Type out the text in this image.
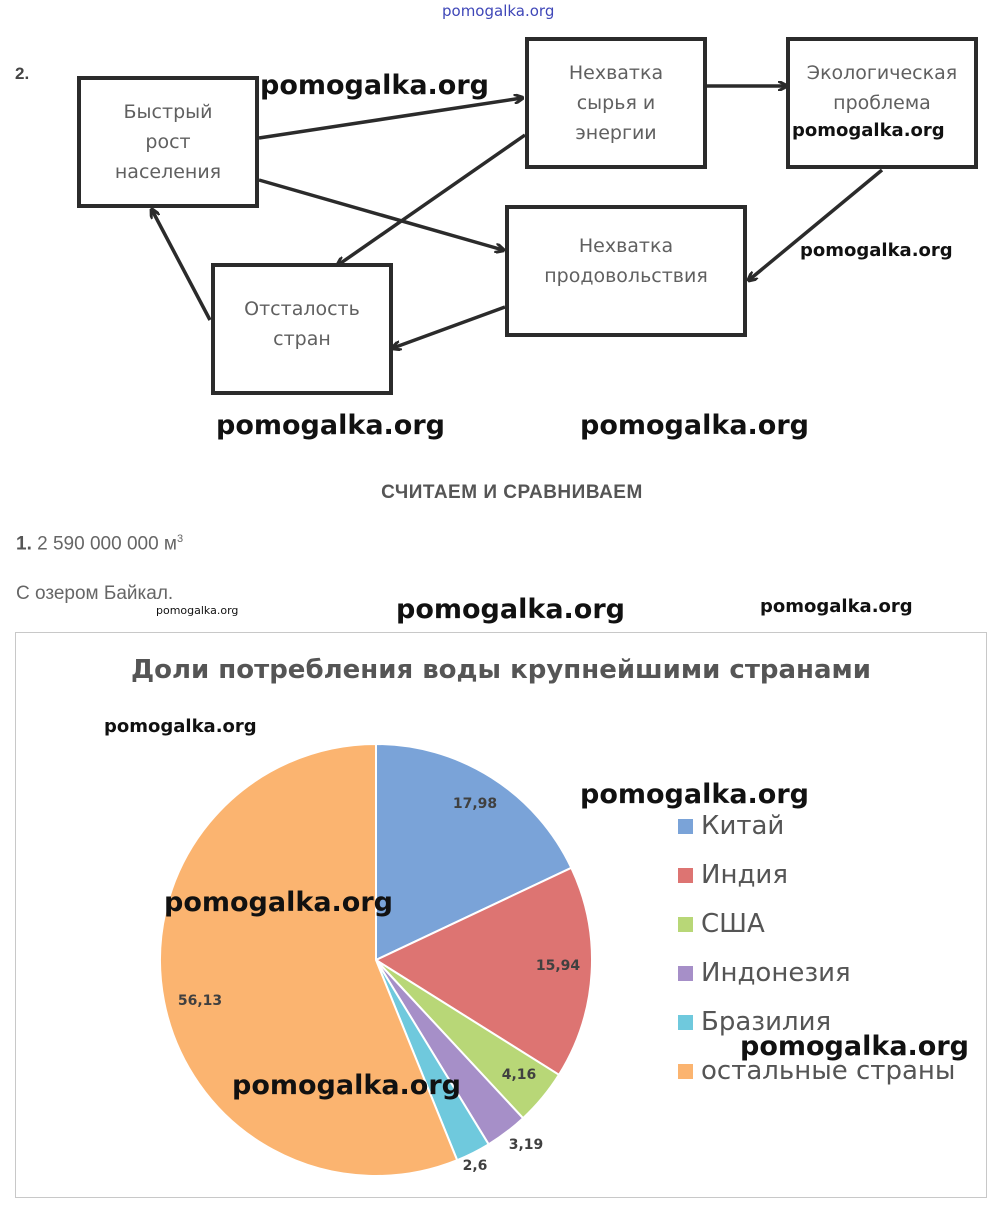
pomogalka.org
2.
Быстрый
рост
населения
Нехватка
сырья и
энергии
Экологическая
проблема
Нехватка
продовольствия
Отсталость
стран
СЧИТАЕМ И СРАВНИВАЕМ
1. 2 590 000 000 $м^3$
С озером Байкал.
Доли потребления воды крупнейшими странами
17,98
15,94
4,16
3,19
2,6
56,13
Китай
Индия
США
Индонезия
Бразилия
остальные страны
pomogalka.org
pomogalka.org
pomogalka.org
pomogalka.org	pomogalka.org
pomogalka.org	pomogalka.org	pomogalka.org
pomogalka.org
pomogalka.org
pomogalka.org
pomogalka.org
pomogalka.org
